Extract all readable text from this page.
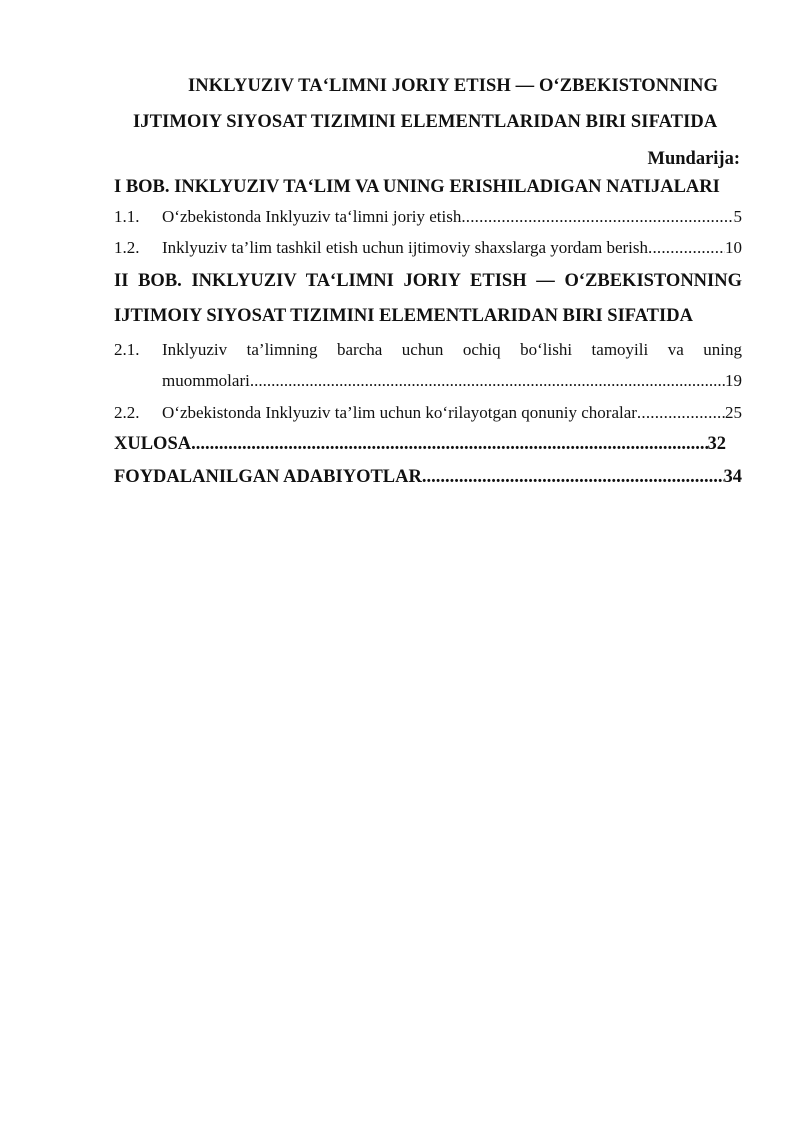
INKLYUZIV TA‘LIMNI JORIY ETISH — O‘ZBEKISTONNING
IJTIMOIY SIYOSAT TIZIMINI ELEMENTLARIDAN BIRI SIFATIDA
Mundarija:
I BOB. INKLYUZIV TA‘LIM VA UNING ERISHILADIGAN NATIJALARI
1.1.	O‘zbekistonda Inklyuziv ta‘limni joriy etish .....	5
1.2.	Inklyuziv ta’lim tashkil etish uchun ijtimoviy shaxslarga yordam berish .....	10
II BOB. INKLYUZIV TA‘LIMNI JORIY ETISH — O‘ZBEKISTONNING
IJTIMOIY SIYOSAT TIZIMINI ELEMENTLARIDAN BIRI SIFATIDA
2.1.	Inklyuziv ta’limning barcha uchun ochiq bo‘lishi tamoyili va uning
muommolari .....	19
2.2.	O‘zbekistonda Inklyuziv ta’lim uchun ko‘rilayotgan qonuniy choralar .....	25
XULOSA .....	32
FOYDALANILGAN ADABIYOTLAR .....	34
